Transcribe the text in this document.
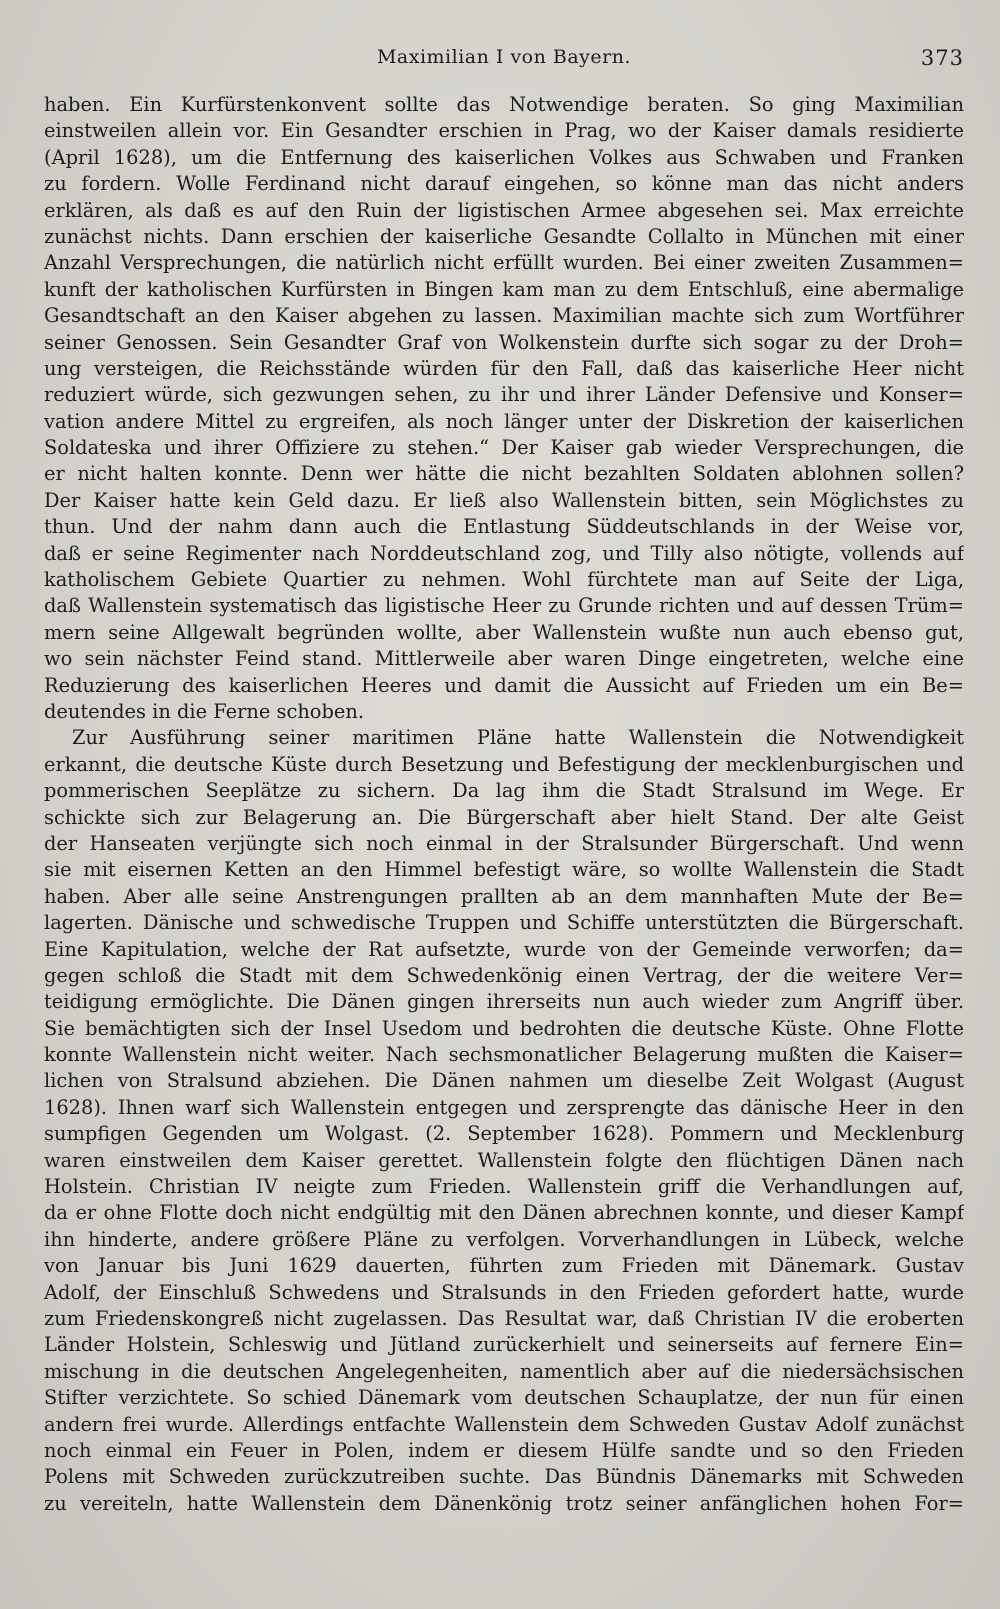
Maximilian I von Bayern.	373
haben. Ein Kurfürstenkonvent sollte das Notwendige beraten. So ging Maximilian
einstweilen allein vor. Ein Gesandter erschien in Prag, wo der Kaiser damals residierte
(April 1628), um die Entfernung des kaiserlichen Volkes aus Schwaben und Franken
zu fordern. Wolle Ferdinand nicht darauf eingehen, so könne man das nicht anders
erklären, als daß es auf den Ruin der ligistischen Armee abgesehen sei. Max erreichte
zunächst nichts. Dann erschien der kaiserliche Gesandte Collalto in München mit einer
Anzahl Versprechungen, die natürlich nicht erfüllt wurden. Bei einer zweiten Zusammen=
kunft der katholischen Kurfürsten in Bingen kam man zu dem Entschluß, eine abermalige
Gesandtschaft an den Kaiser abgehen zu lassen. Maximilian machte sich zum Wortführer
seiner Genossen. Sein Gesandter Graf von Wolkenstein durfte sich sogar zu der Droh=
ung versteigen, die Reichsstände würden für den Fall, daß das kaiserliche Heer nicht
reduziert würde, sich gezwungen sehen, zu ihr und ihrer Länder Defensive und Konser=
vation andere Mittel zu ergreifen, als noch länger unter der Diskretion der kaiserlichen
Soldateska und ihrer Offiziere zu stehen.“ Der Kaiser gab wieder Versprechungen, die
er nicht halten konnte. Denn wer hätte die nicht bezahlten Soldaten ablohnen sollen?
Der Kaiser hatte kein Geld dazu. Er ließ also Wallenstein bitten, sein Möglichstes zu
thun. Und der nahm dann auch die Entlastung Süddeutschlands in der Weise vor,
daß er seine Regimenter nach Norddeutschland zog, und Tilly also nötigte, vollends auf
katholischem Gebiete Quartier zu nehmen. Wohl fürchtete man auf Seite der Liga,
daß Wallenstein systematisch das ligistische Heer zu Grunde richten und auf dessen Trüm=
mern seine Allgewalt begründen wollte, aber Wallenstein wußte nun auch ebenso gut,
wo sein nächster Feind stand. Mittlerweile aber waren Dinge eingetreten, welche eine
Reduzierung des kaiserlichen Heeres und damit die Aussicht auf Frieden um ein Be=
deutendes in die Ferne schoben.
Zur Ausführung seiner maritimen Pläne hatte Wallenstein die Notwendigkeit
erkannt, die deutsche Küste durch Besetzung und Befestigung der mecklenburgischen und
pommerischen Seeplätze zu sichern. Da lag ihm die Stadt Stralsund im Wege. Er
schickte sich zur Belagerung an. Die Bürgerschaft aber hielt Stand. Der alte Geist
der Hanseaten verjüngte sich noch einmal in der Stralsunder Bürgerschaft. Und wenn
sie mit eisernen Ketten an den Himmel befestigt wäre, so wollte Wallenstein die Stadt
haben. Aber alle seine Anstrengungen prallten ab an dem mannhaften Mute der Be=
lagerten. Dänische und schwedische Truppen und Schiffe unterstützten die Bürgerschaft.
Eine Kapitulation, welche der Rat aufsetzte, wurde von der Gemeinde verworfen; da=
gegen schloß die Stadt mit dem Schwedenkönig einen Vertrag, der die weitere Ver=
teidigung ermöglichte. Die Dänen gingen ihrerseits nun auch wieder zum Angriff über.
Sie bemächtigten sich der Insel Usedom und bedrohten die deutsche Küste. Ohne Flotte
konnte Wallenstein nicht weiter. Nach sechsmonatlicher Belagerung mußten die Kaiser=
lichen von Stralsund abziehen. Die Dänen nahmen um dieselbe Zeit Wolgast (August
1628). Ihnen warf sich Wallenstein entgegen und zersprengte das dänische Heer in den
sumpfigen Gegenden um Wolgast. (2. September 1628). Pommern und Mecklenburg
waren einstweilen dem Kaiser gerettet. Wallenstein folgte den flüchtigen Dänen nach
Holstein. Christian IV neigte zum Frieden. Wallenstein griff die Verhandlungen auf,
da er ohne Flotte doch nicht endgültig mit den Dänen abrechnen konnte, und dieser Kampf
ihn hinderte, andere größere Pläne zu verfolgen. Vorverhandlungen in Lübeck, welche
von Januar bis Juni 1629 dauerten, führten zum Frieden mit Dänemark. Gustav
Adolf, der Einschluß Schwedens und Stralsunds in den Frieden gefordert hatte, wurde
zum Friedenskongreß nicht zugelassen. Das Resultat war, daß Christian IV die eroberten
Länder Holstein, Schleswig und Jütland zurückerhielt und seinerseits auf fernere Ein=
mischung in die deutschen Angelegenheiten, namentlich aber auf die niedersächsischen
Stifter verzichtete. So schied Dänemark vom deutschen Schauplatze, der nun für einen
andern frei wurde. Allerdings entfachte Wallenstein dem Schweden Gustav Adolf zunächst
noch einmal ein Feuer in Polen, indem er diesem Hülfe sandte und so den Frieden
Polens mit Schweden zurückzutreiben suchte. Das Bündnis Dänemarks mit Schweden
zu vereiteln, hatte Wallenstein dem Dänenkönig trotz seiner anfänglichen hohen For=
